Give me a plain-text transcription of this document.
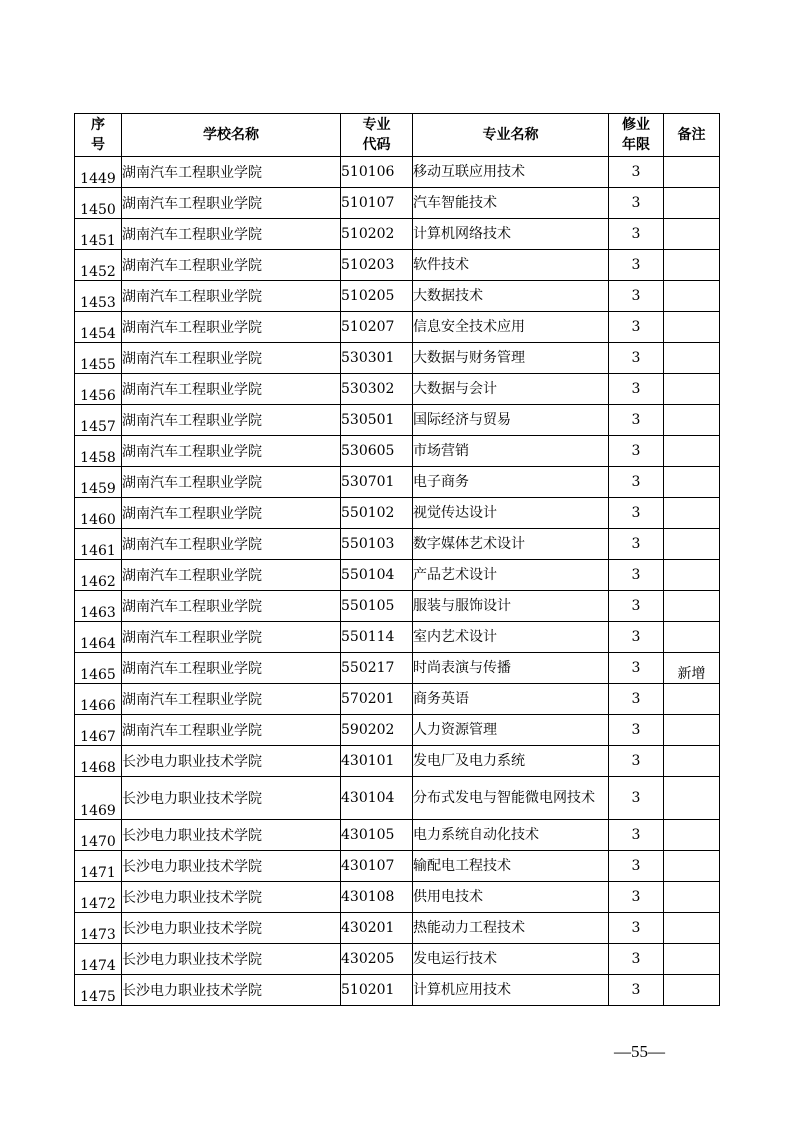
序号	学校名称	专业代码	专业名称	修业年限	备注
1449	湖南汽车工程职业学院	510106	移动互联应用技术	3	
1450	湖南汽车工程职业学院	510107	汽车智能技术	3	
1451	湖南汽车工程职业学院	510202	计算机网络技术	3	
1452	湖南汽车工程职业学院	510203	软件技术	3	
1453	湖南汽车工程职业学院	510205	大数据技术	3	
1454	湖南汽车工程职业学院	510207	信息安全技术应用	3	
1455	湖南汽车工程职业学院	530301	大数据与财务管理	3	
1456	湖南汽车工程职业学院	530302	大数据与会计	3	
1457	湖南汽车工程职业学院	530501	国际经济与贸易	3	
1458	湖南汽车工程职业学院	530605	市场营销	3	
1459	湖南汽车工程职业学院	530701	电子商务	3	
1460	湖南汽车工程职业学院	550102	视觉传达设计	3	
1461	湖南汽车工程职业学院	550103	数字媒体艺术设计	3	
1462	湖南汽车工程职业学院	550104	产品艺术设计	3	
1463	湖南汽车工程职业学院	550105	服装与服饰设计	3	
1464	湖南汽车工程职业学院	550114	室内艺术设计	3	
1465	湖南汽车工程职业学院	550217	时尚表演与传播	3	新增
1466	湖南汽车工程职业学院	570201	商务英语	3	
1467	湖南汽车工程职业学院	590202	人力资源管理	3	
1468	长沙电力职业技术学院	430101	发电厂及电力系统	3	
1469	长沙电力职业技术学院	430104	分布式发电与智能微电网技术	3	
1470	长沙电力职业技术学院	430105	电力系统自动化技术	3	
1471	长沙电力职业技术学院	430107	输配电工程技术	3	
1472	长沙电力职业技术学院	430108	供用电技术	3	
1473	长沙电力职业技术学院	430201	热能动力工程技术	3	
1474	长沙电力职业技术学院	430205	发电运行技术	3	
1475	长沙电力职业技术学院	510201	计算机应用技术	3	
—55—
